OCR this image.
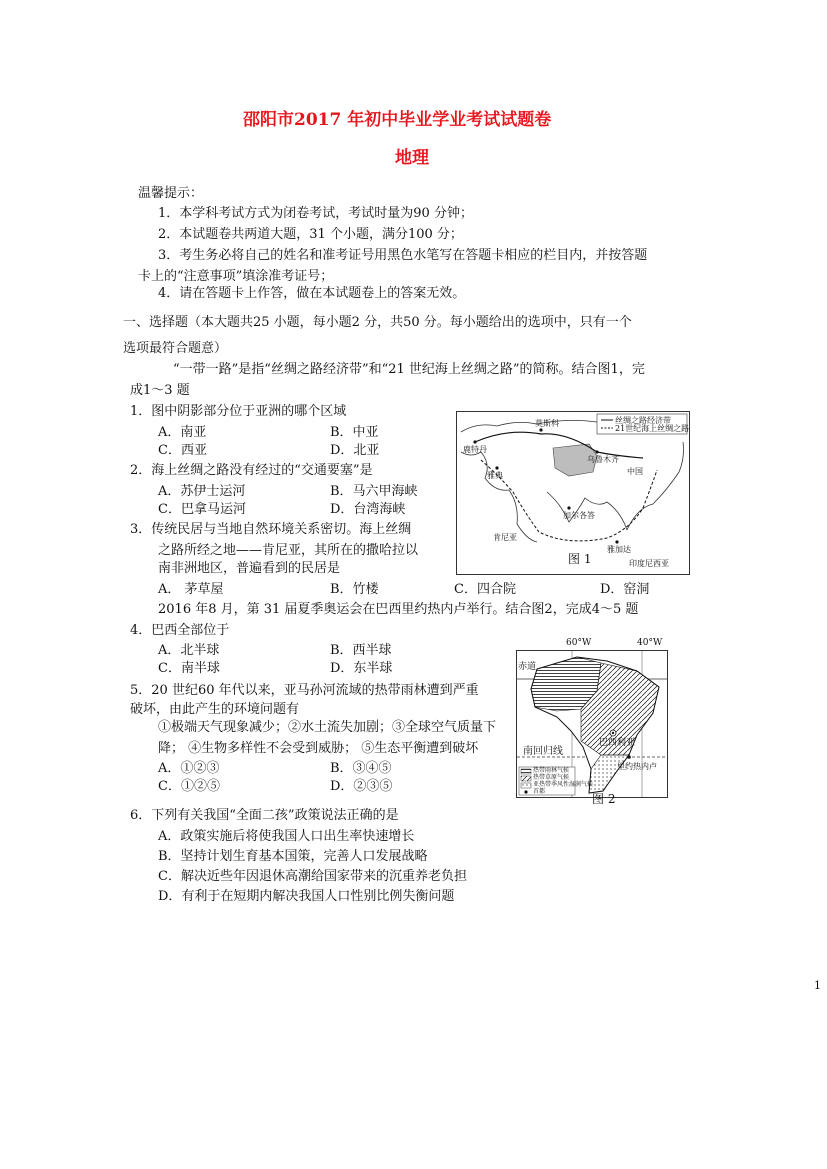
邵阳市2017 年初中毕业学业考试试题卷
地理
温馨提示：
1．本学科考试方式为闭卷考试，考试时量为90 分钟；
2．本试题卷共两道大题，31 个小题，满分100 分；
3．考生务必将自己的姓名和准考证号用黑色水笔写在答题卡相应的栏目内，并按答题
卡上的“注意事项”填涂准考证号；
4．请在答题卡上作答，做在本试题卷上的答案无效。
一、选择题（本大题共25 小题，每小题2 分，共50 分。每小题给出的选项中，只有一个
选项最符合题意）
“一带一路”是指“丝绸之路经济带”和“21 世纪海上丝绸之路”的简称。结合图1，完
成1～3 题
1．图中阴影部分位于亚洲的哪个区域
A．南亚	B．中亚
C．西亚	D．北亚
2．海上丝绸之路没有经过的“交通要塞”是
A．苏伊士运河	B．马六甲海峡
C．巴拿马运河	D．台湾海峡
3．传统民居与当地自然环境关系密切。海上丝绸
之路所经之地——肯尼亚，其所在的撒哈拉以
南非洲地区，普遍看到的民居是
A． 茅草屋	B．竹楼	C．四合院	D．窑洞
丝绸之路经济带
21世纪海上丝绸之路
莫斯科
乌鲁木齐
中国
鹿特丹
雅典
肯尼亚
加尔各答
雅加达
印度尼西亚
图 1
2016 年8 月，第 31 届夏季奥运会在巴西里约热内卢举行。结合图2，完成4～5 题
4．巴西全部位于
A．北半球	B．西半球
C．南半球	D．东半球
5．20 世纪60 年代以来，亚马孙河流域的热带雨林遭到严重
破坏，由此产生的环境问题有
①极端天气现象减少；②水土流失加剧；③全球空气质量下
降； ④生物多样性不会受到威胁； ⑤生态平衡遭到破坏
A．①②③	B．③④⑤
C．①②⑤	D．②③⑤
60°W	40°W
赤道
南回归线
巴西利亚
里约热内卢
热带雨林气候
热带草原气候
亚热带季风性湿润气候
首都
图 2
6．下列有关我国“全面二孩”政策说法正确的是
A．政策实施后将使我国人口出生率快速增长
B．坚持计划生育基本国策，完善人口发展战略
C．解决近些年因退休高潮给国家带来的沉重养老负担
D．有利于在短期内解决我国人口性别比例失衡问题
1
